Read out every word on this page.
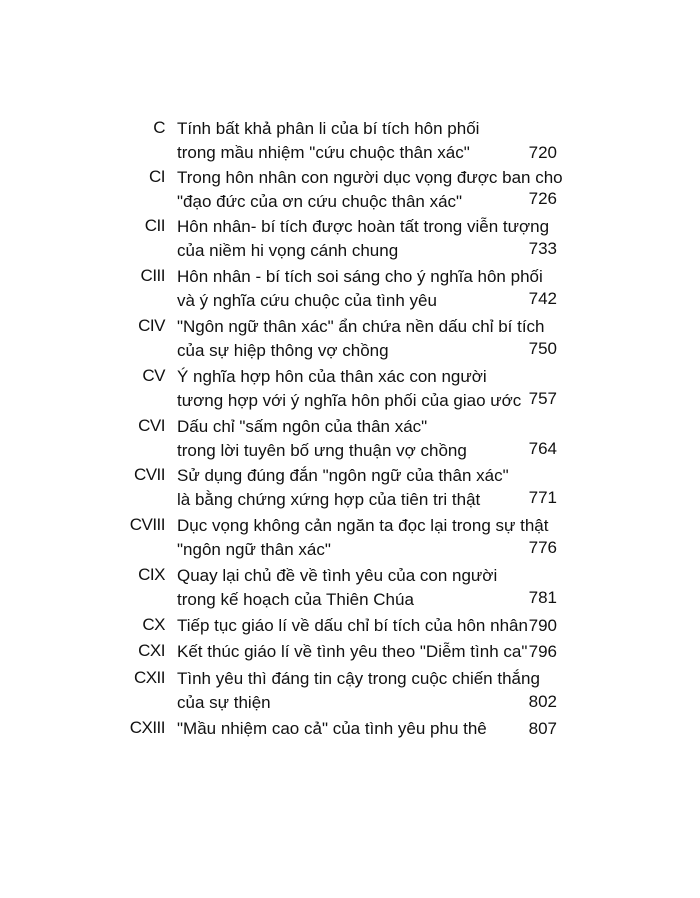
C Tính bất khả phân li của bí tích hôn phối
trong mầu nhiệm "cứu chuộc thân xác"	720
CI Trong hôn nhân con người dục vọng được ban cho
"đạo đức của ơn cứu chuộc thân xác"	726
CII Hôn nhân- bí tích được hoàn tất trong viễn tượng
của niềm hi vọng cánh chung	733
CIII Hôn nhân - bí tích soi sáng cho ý nghĩa hôn phối
và ý nghĩa cứu chuộc của tình yêu	742
CIV "Ngôn ngữ thân xác" ẩn chứa nền dấu chỉ bí tích
của sự hiệp thông vợ chồng	750
CV Ý nghĩa hợp hôn của thân xác con người
tương hợp với ý nghĩa hôn phối của giao ước 757
CVI Dấu chỉ "sấm ngôn của thân xác"
trong lời tuyên bố ưng thuận vợ chồng	764
CVII Sử dụng đúng đắn "ngôn ngữ của thân xác"
là bằng chứng xứng hợp của tiên tri thật	771
CVIII Dục vọng không cản ngăn ta đọc lại trong sự thật
"ngôn ngữ thân xác"	776
CIX Quay lại chủ đề về tình yêu của con người
trong kế hoạch của Thiên Chúa	781
CX Tiếp tục giáo lí về dấu chỉ bí tích của hôn nhân 790
CXI Kết thúc giáo lí về tình yêu theo "Diễm tình ca" 796
CXII Tình yêu thì đáng tin cậy trong cuộc chiến thắng
của sự thiện	802
CXIII "Mầu nhiệm cao cả" của tình yêu phu thê	807
